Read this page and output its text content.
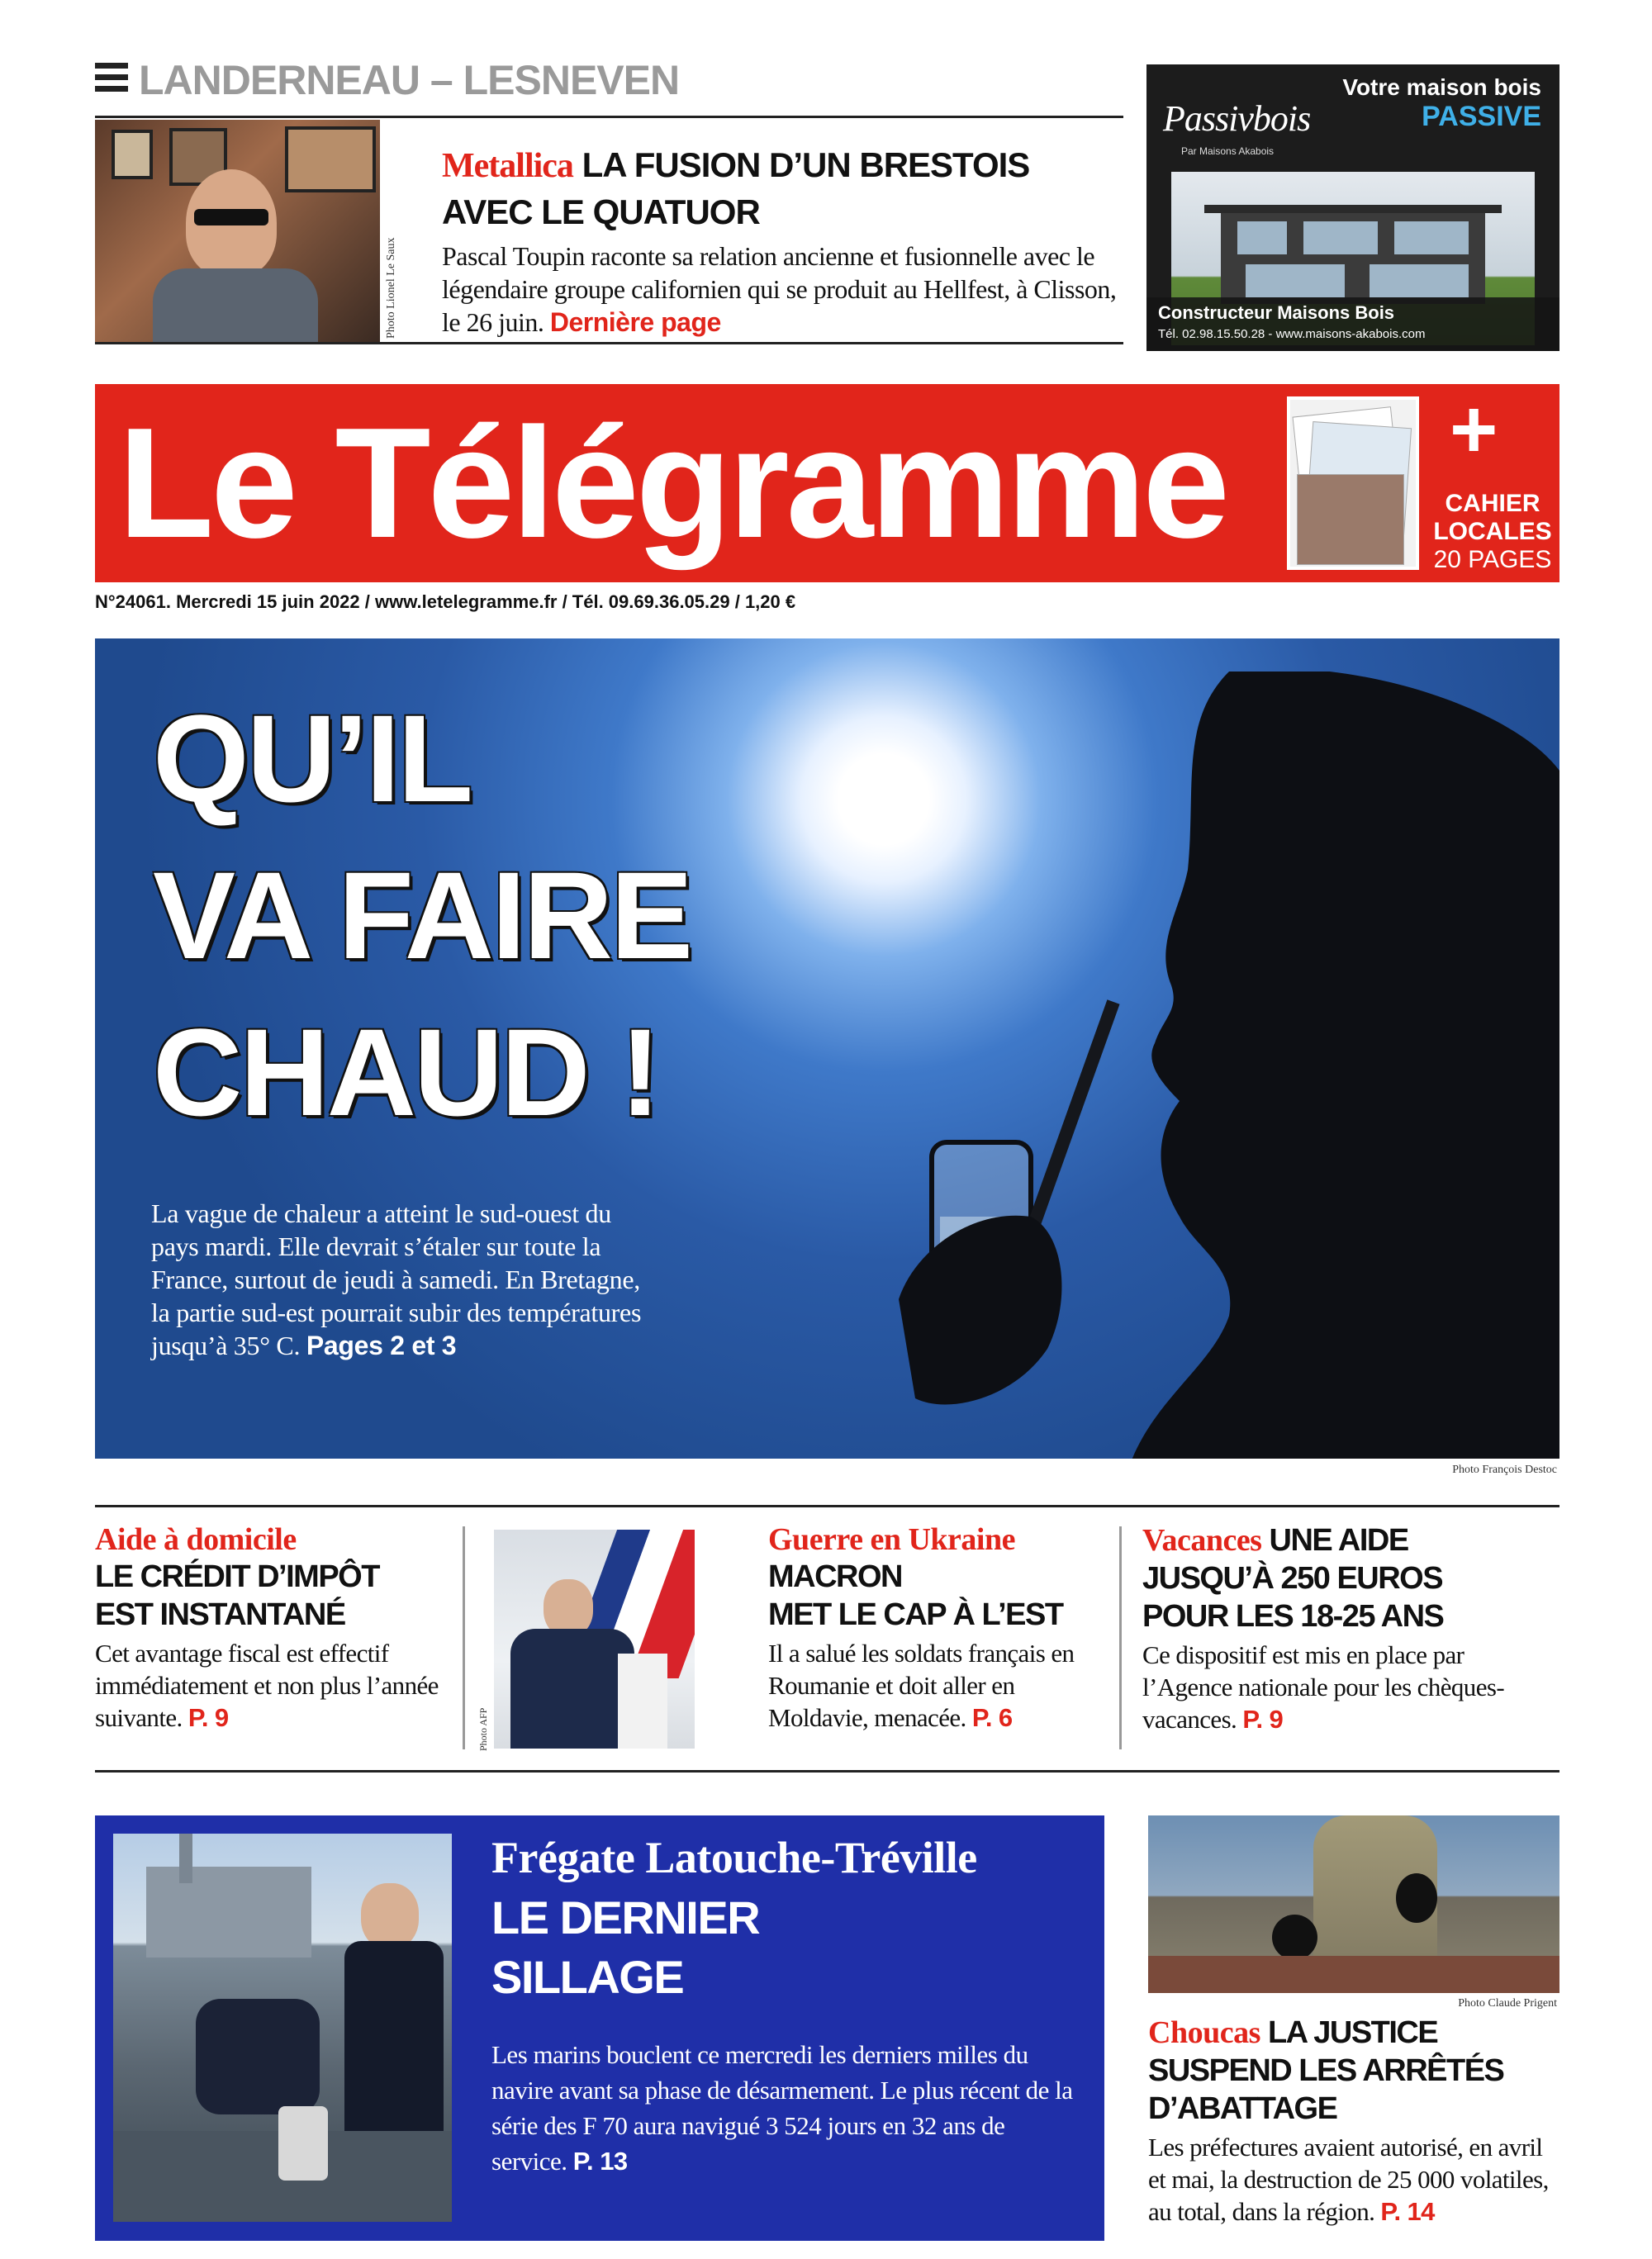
LANDERNEAU – LESNEVEN
Photo Lionel Le Saux
Metallica LA FUSION D’UN BRESTOIS
AVEC LE QUATUOR
Pascal Toupin raconte sa relation ancienne et fusionnelle avec le légendaire groupe californien qui se produit au Hellfest, à Clisson, le 26 juin. Dernière page
Passivbois
Par Maisons Akabois
Votre maison bois
PASSIVE
Constructeur Maisons Bois
Tél. 02.98.15.50.28 - www.maisons-akabois.com
Le Télégramme	+
CAHIER
LOCALES
20 PAGES
N°24061. Mercredi 15 juin 2022 / www.letelegramme.fr / Tél. 09.69.36.05.29 / 1,20 €
QU’IL
VA FAIRE
CHAUD !
La vague de chaleur a atteint le sud-ouest du pays mardi. Elle devrait s’étaler sur toute la France, surtout de jeudi à samedi. En Bretagne, la partie sud-est pourrait subir des températures jusqu’à 35° C. Pages 2 et 3
Photo François Destoc
Aide à domicile
LE CRÉDIT D’IMPÔT
EST INSTANTANÉ
Cet avantage fiscal est effectif immédiatement et non plus l’année suivante. P. 9	Photo AFP
Guerre en Ukraine
MACRON
MET LE CAP À L’EST
Il a salué les soldats français en Roumanie et doit aller en Moldavie, menacée. P. 6
Vacances UNE AIDE
JUSQU’À 250 EUROS
POUR LES 18-25 ANS
Ce dispositif est mis en place par l’Agence nationale pour les chèques-vacances. P. 9
Frégate Latouche-Tréville
LE DERNIER
SILLAGE
Les marins bouclent ce mercredi les derniers milles du navire avant sa phase de désarmement. Le plus récent de la série des F 70 aura navigué 3 524 jours en 32 ans de service. P. 13
Photo Claude Prigent
Choucas LA JUSTICE
SUSPEND LES ARRÊTÉS
D’ABATTAGE
Les préfectures avaient autorisé, en avril et mai, la destruction de 25 000 volatiles, au total, dans la région. P. 14
